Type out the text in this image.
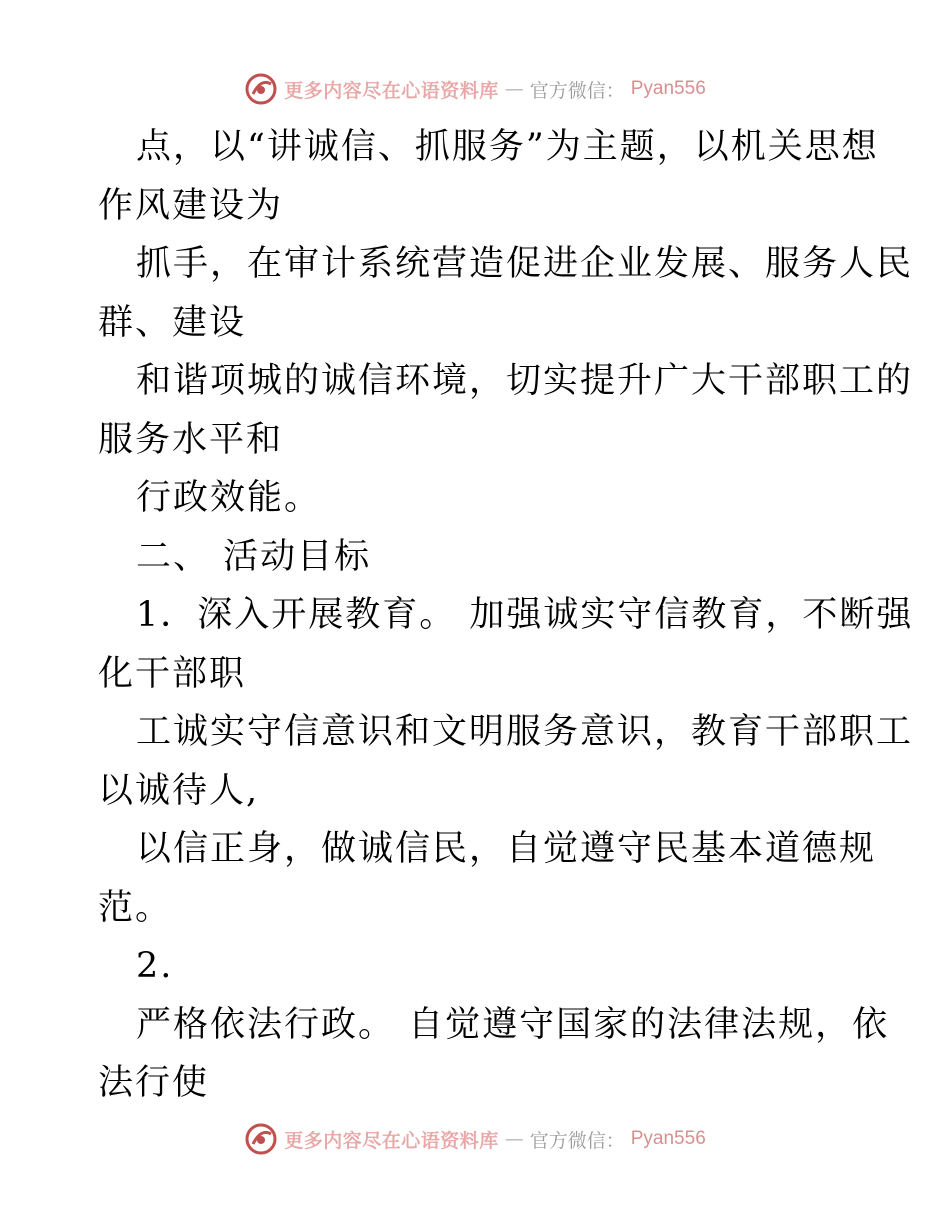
更多内容尽在心语资料库 — 官方微信： Pyan556
点，以“讲诚信、抓服务”为主题，以机关思想
作风建设为
抓手，在审计系统营造促进企业发展、服务人民
群、建设
和谐项城的诚信环境，切实提升广大干部职工的
服务水平和
行政效能。
二、 活动目标
1．深入开展教育。 加强诚实守信教育，不断强
化干部职
工诚实守信意识和文明服务意识，教育干部职工
以诚待人,
以信正身，做诚信民，自觉遵守民基本道德规
范。
2.
严格依法行政。 自觉遵守国家的法律法规，依
法行使
更多内容尽在心语资料库 — 官方微信： Pyan556
